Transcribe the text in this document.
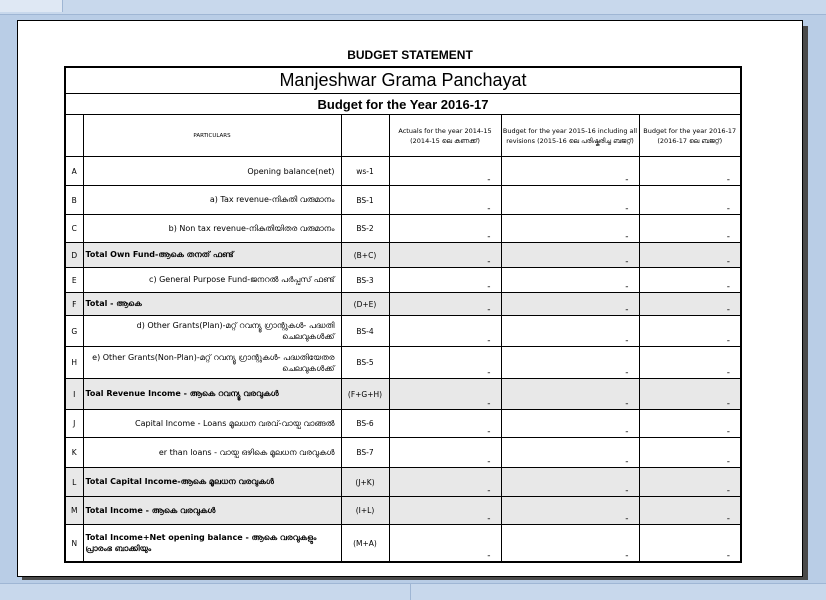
BUDGET STATEMENT
Manjeshwar Grama Panchayat					
Budget for the Year 2016-17					
	PARTICULARS		Actuals for the year 2014-15 (2014-15 ലെ കണക്ക്)	Budget for the year 2015-16 including all revisions (2015-16 ലെ പരിഷ്കരിച്ച ബജറ്റ്)	Budget for the year 2016-17 (2016-17 ലെ ബജറ്റ്)
A	Opening balance(net)	ws-1	-	-	-
B	a) Tax revenue-നികുതി വരുമാനം	BS-1	-	-	-
C	b) Non tax revenue-നികുതിയിതര വരുമാനം	BS-2	-	-	-
D	Total Own Fund-ആകെ തനത് ഫണ്ട്	(B+C)	-	-	-
E	c) General Purpose Fund-ജനറൽ പർപ്പസ് ഫണ്ട്	BS-3	-	-	-
F	Total - ആകെ	(D+E)	-	-	-
G	d) Other Grants(Plan)-മറ്റ് റവന്യൂ ഗ്രാന്റുകൾ- പദ്ധതി ചെലവുകൾക്ക്	BS-4	-	-	-
H	e) Other Grants(Non-Plan)-മറ്റ് റവന്യൂ ഗ്രാന്റുകൾ- പദ്ധതിയേതര ചെലവുകൾക്ക്	BS-5	-	-	-
I	Toal Revenue Income - ആകെ റവന്യൂ വരവുകൾ	(F+G+H)	-	-	-
J	Capital Income - Loans മൂലധന വരവ്-വായ്പ വാങ്ങൽ	BS-6	-	-	-
K	er than loans - വായ്പ ഒഴികെ മൂലധന വരവുകൾ	BS-7	-	-	-
L	Total Capital Income-ആകെ മൂലധന വരവുകൾ	(J+K)	-	-	-
M	Total Income - ആകെ വരവുകൾ	(I+L)	-	-	-
N	Total Income+Net opening balance - ആകെ വരവുകളും പ്രാരംഭ ബാക്കിയും	(M+A)	-	-	-
